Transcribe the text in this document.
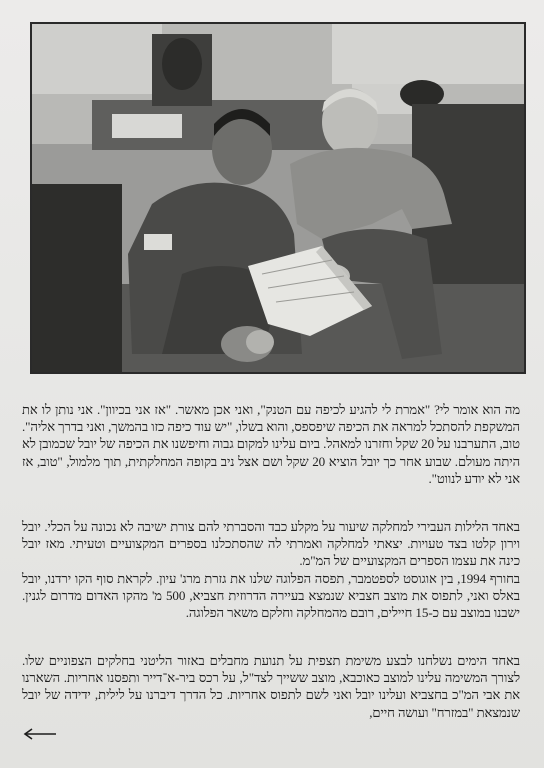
מה הוא אומר לי? "אמרת לי להגיע לכיפה עם הטנק", ואני אכן מאשר. "אז אני בכיוון". אני נותן לו את המשקפת להסתכל למראה את הכיפה שיפספס, והוא בשלו, "יש עוד כיפה כזו בהמשך, ואני בדרך אליה". טוב, התערבנו על 20 שקל וחזרנו למאהל. ביום עלינו למקום גבוה וחיפשנו את הכיפה של יובל שכמובן לא היתה מעולם. שבוע אחר כך יובל הוציא 20 שקל ושם אצל ניב בקופה המחלקתית, תוך מלמול, "טוב, אז אני לא יודע לנווט".

באחד הלילות העבירי למחלקה שיעור על מקלע כבד והסברתי להם צורת ישיבה לא נכונה על הכלי. יובל וירון קלטו בצד טעויות. יצאתי למחלקה ואמרתי לה שהסתכלנו בספרים המקצועיים וטעיתי. מאז יובל כינה את עצמו הספרים המקצועיים של המ"מ.

בחורף 1994, בין אוגוסט לספטמבר, תפסה הפלוגה שלנו את גזרת מרג' עיון. לקראת סוף הקו ירדנו, יובל באלס ואני, לתפוס את מוצב חצביא שנמצא בעיירה הדרוזית חצביא, 500 מ' מהקו האדום מדרום לגנין. ישבנו במוצב עם כ-15 חיילים, רובם מהמחלקה וחלקם משאר הפלוגה.

באחד הימים נשלחנו לבצע משימת תצפית על תנועת מחבלים באזור הליטני בחלקים הצפוניים שלו. לצורך המשימה עלינו למוצב כאוכבא, מוצב ששייך לצד"ל, על רכס ביר-א־דייר ותפסנו אחריות. השארנו את אבי המ"כ בחצביא ועלינו יובל ואני לשם לתפוס אחריות. כל הדרך דיברנו על לילית, ידידה של יובל שנמצאת "במזרח" ועושה חיים,
